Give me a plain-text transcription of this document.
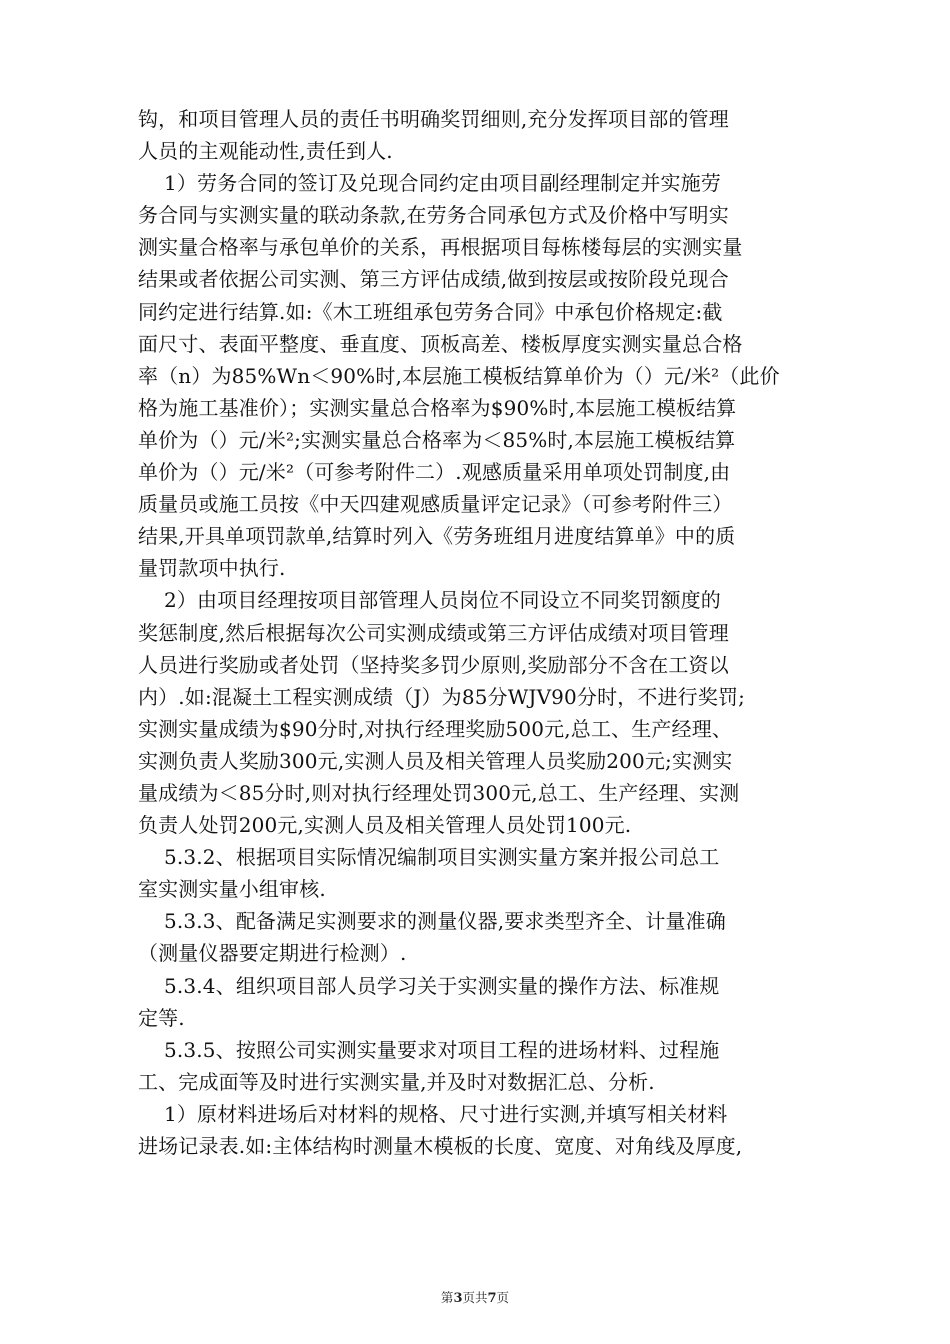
钩，和项目管理人员的责任书明确奖罚细则,充分发挥项目部的管理
人员的主观能动性,责任到人.
1）劳务合同的签订及兑现合同约定由项目副经理制定并实施劳
务合同与实测实量的联动条款,在劳务合同承包方式及价格中写明实
测实量合格率与承包单价的关系，再根据项目每栋楼每层的实测实量
结果或者依据公司实测、第三方评估成绩,做到按层或按阶段兑现合
同约定进行结算.如:《木工班组承包劳务合同》中承包价格规定:截
面尺寸、表面平整度、垂直度、顶板高差、楼板厚度实测实量总合格
率（n）为85%Wn＜90%时,本层施工模板结算单价为（）元/米²（此价
格为施工基准价）；实测实量总合格率为$90%时,本层施工模板结算
单价为（）元/米²;实测实量总合格率为＜85%时,本层施工模板结算
单价为（）元/米²（可参考附件二）.观感质量采用单项处罚制度,由
质量员或施工员按《中天四建观感质量评定记录》（可参考附件三）
结果,开具单项罚款单,结算时列入《劳务班组月进度结算单》中的质
量罚款项中执行.
2）由项目经理按项目部管理人员岗位不同设立不同奖罚额度的
奖惩制度,然后根据每次公司实测成绩或第三方评估成绩对项目管理
人员进行奖励或者处罚（坚持奖多罚少原则,奖励部分不含在工资以
内）.如:混凝土工程实测成绩（J）为85分WJV90分时，不进行奖罚;
实测实量成绩为$90分时,对执行经理奖励500元,总工、生产经理、
实测负责人奖励300元,实测人员及相关管理人员奖励200元;实测实
量成绩为＜85分时,则对执行经理处罚300元,总工、生产经理、实测
负责人处罚200元,实测人员及相关管理人员处罚100元.
5.3.2、根据项目实际情况编制项目实测实量方案并报公司总工
室实测实量小组审核.
5.3.3、配备满足实测要求的测量仪器,要求类型齐全、计量准确
（测量仪器要定期进行检测）.
5.3.4、组织项目部人员学习关于实测实量的操作方法、标准规
定等.
5.3.5、按照公司实测实量要求对项目工程的进场材料、过程施
工、完成面等及时进行实测实量,并及时对数据汇总、分析.
1）原材料进场后对材料的规格、尺寸进行实测,并填写相关材料
进场记录表.如:主体结构时测量木模板的长度、宽度、对角线及厚度,
第3页共7页
